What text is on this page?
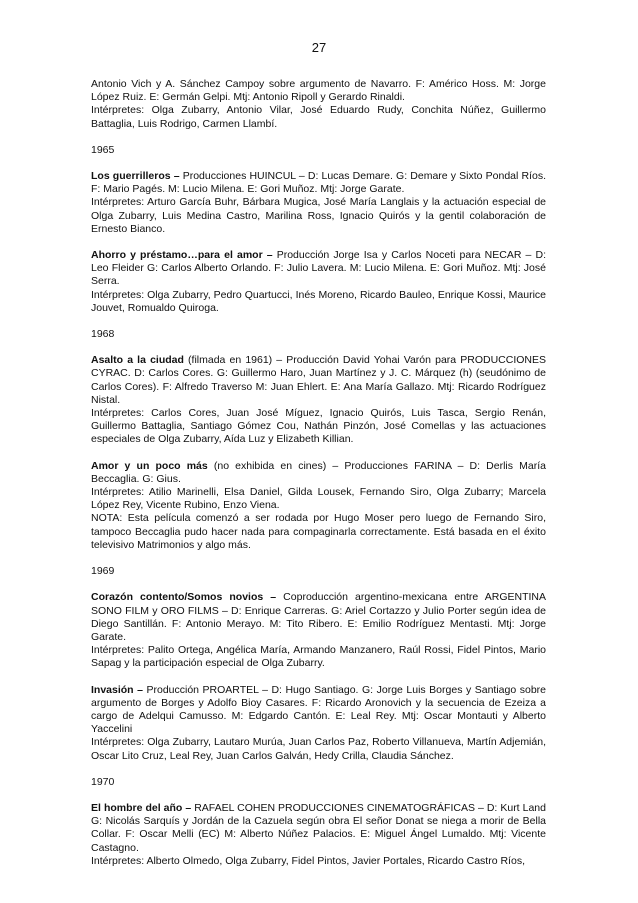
27

Antonio Vich y A. Sánchez Campoy sobre argumento de Navarro. F: Américo Hoss. M: Jorge López Ruiz. E: Germán Gelpi. Mtj: Antonio Ripoll y Gerardo Rinaldi.
Intérpretes: Olga Zubarry, Antonio Vilar, José Eduardo Rudy, Conchita Núñez, Guillermo Battaglia, Luis Rodrigo, Carmen Llambí.

1965

Los guerrilleros – Producciones HUINCUL – D: Lucas Demare. G: Demare y Sixto Pondal Ríos. F: Mario Pagés. M: Lucio Milena. E: Gori Muñoz. Mtj: Jorge Garate.
Intérpretes: Arturo García Buhr, Bárbara Mugica, José María Langlais y la actuación especial de Olga Zubarry, Luis Medina Castro, Marilina Ross, Ignacio Quirós y la gentil colaboración de Ernesto Bianco.

Ahorro y préstamo…para el amor – Producción Jorge Isa y Carlos Noceti para NECAR – D: Leo Fleider G: Carlos Alberto Orlando. F: Julio Lavera. M: Lucio Milena. E: Gori Muñoz. Mtj: José Serra.
Intérpretes: Olga Zubarry, Pedro Quartucci, Inés Moreno, Ricardo Bauleo, Enrique Kossi, Maurice Jouvet, Romualdo Quiroga.

1968

Asalto a la ciudad (filmada en 1961) – Producción David Yohai Varón para PRODUCCIONES CYRAC. D: Carlos Cores. G: Guillermo Haro, Juan Martínez y J. C. Márquez (h) (seudónimo de Carlos Cores). F: Alfredo Traverso M: Juan Ehlert. E: Ana María Gallazo. Mtj: Ricardo Rodríguez Nistal.
Intérpretes: Carlos Cores, Juan José Míguez, Ignacio Quirós, Luis Tasca, Sergio Renán, Guillermo Battaglia, Santiago Gómez Cou, Nathán Pinzón, José Comellas y las actuaciones especiales de Olga Zubarry, Aída Luz y Elizabeth Killian.

Amor y un poco más (no exhibida en cines) – Producciones FARINA – D: Derlis María Beccaglia. G: Gius.
Intérpretes: Atilio Marinelli, Elsa Daniel, Gilda Lousek, Fernando Siro, Olga Zubarry; Marcela López Rey, Vicente Rubino, Enzo Viena.
NOTA: Esta película comenzó a ser rodada por Hugo Moser pero luego de Fernando Siro, tampoco Beccaglia pudo hacer nada para compaginarla correctamente. Está basada en el éxito televisivo Matrimonios y algo más.

1969

Corazón contento/Somos novios – Coproducción argentino-mexicana entre ARGENTINA SONO FILM y ORO FILMS – D: Enrique Carreras. G: Ariel Cortazzo y Julio Porter según idea de Diego Santillán. F: Antonio Merayo. M: Tito Ribero. E: Emilio Rodríguez Mentasti. Mtj: Jorge Garate.
Intérpretes: Palito Ortega, Angélica María, Armando Manzanero, Raúl Rossi, Fidel Pintos, Mario Sapag y la participación especial de Olga Zubarry.

Invasión – Producción PROARTEL – D: Hugo Santiago. G: Jorge Luis Borges y Santiago sobre argumento de Borges y Adolfo Bioy Casares. F: Ricardo Aronovich y la secuencia de Ezeiza a cargo de Adelqui Camusso. M: Edgardo Cantón. E: Leal Rey. Mtj: Oscar Montauti y Alberto Yaccelini
Intérpretes: Olga Zubarry, Lautaro Murúa, Juan Carlos Paz, Roberto Villanueva, Martín Adjemián, Oscar Lito Cruz, Leal Rey, Juan Carlos Galván, Hedy Crilla, Claudia Sánchez.

1970

El hombre del año – RAFAEL COHEN PRODUCCIONES CINEMATOGRÁFICAS – D: Kurt Land G: Nicolás Sarquís y Jordán de la Cazuela según obra El señor Donat se niega a morir de Bella Collar. F: Oscar Melli (EC) M: Alberto Núñez Palacios. E: Miguel Ángel Lumaldo. Mtj: Vicente Castagno.
Intérpretes: Alberto Olmedo, Olga Zubarry, Fidel Pintos, Javier Portales, Ricardo Castro Ríos,
